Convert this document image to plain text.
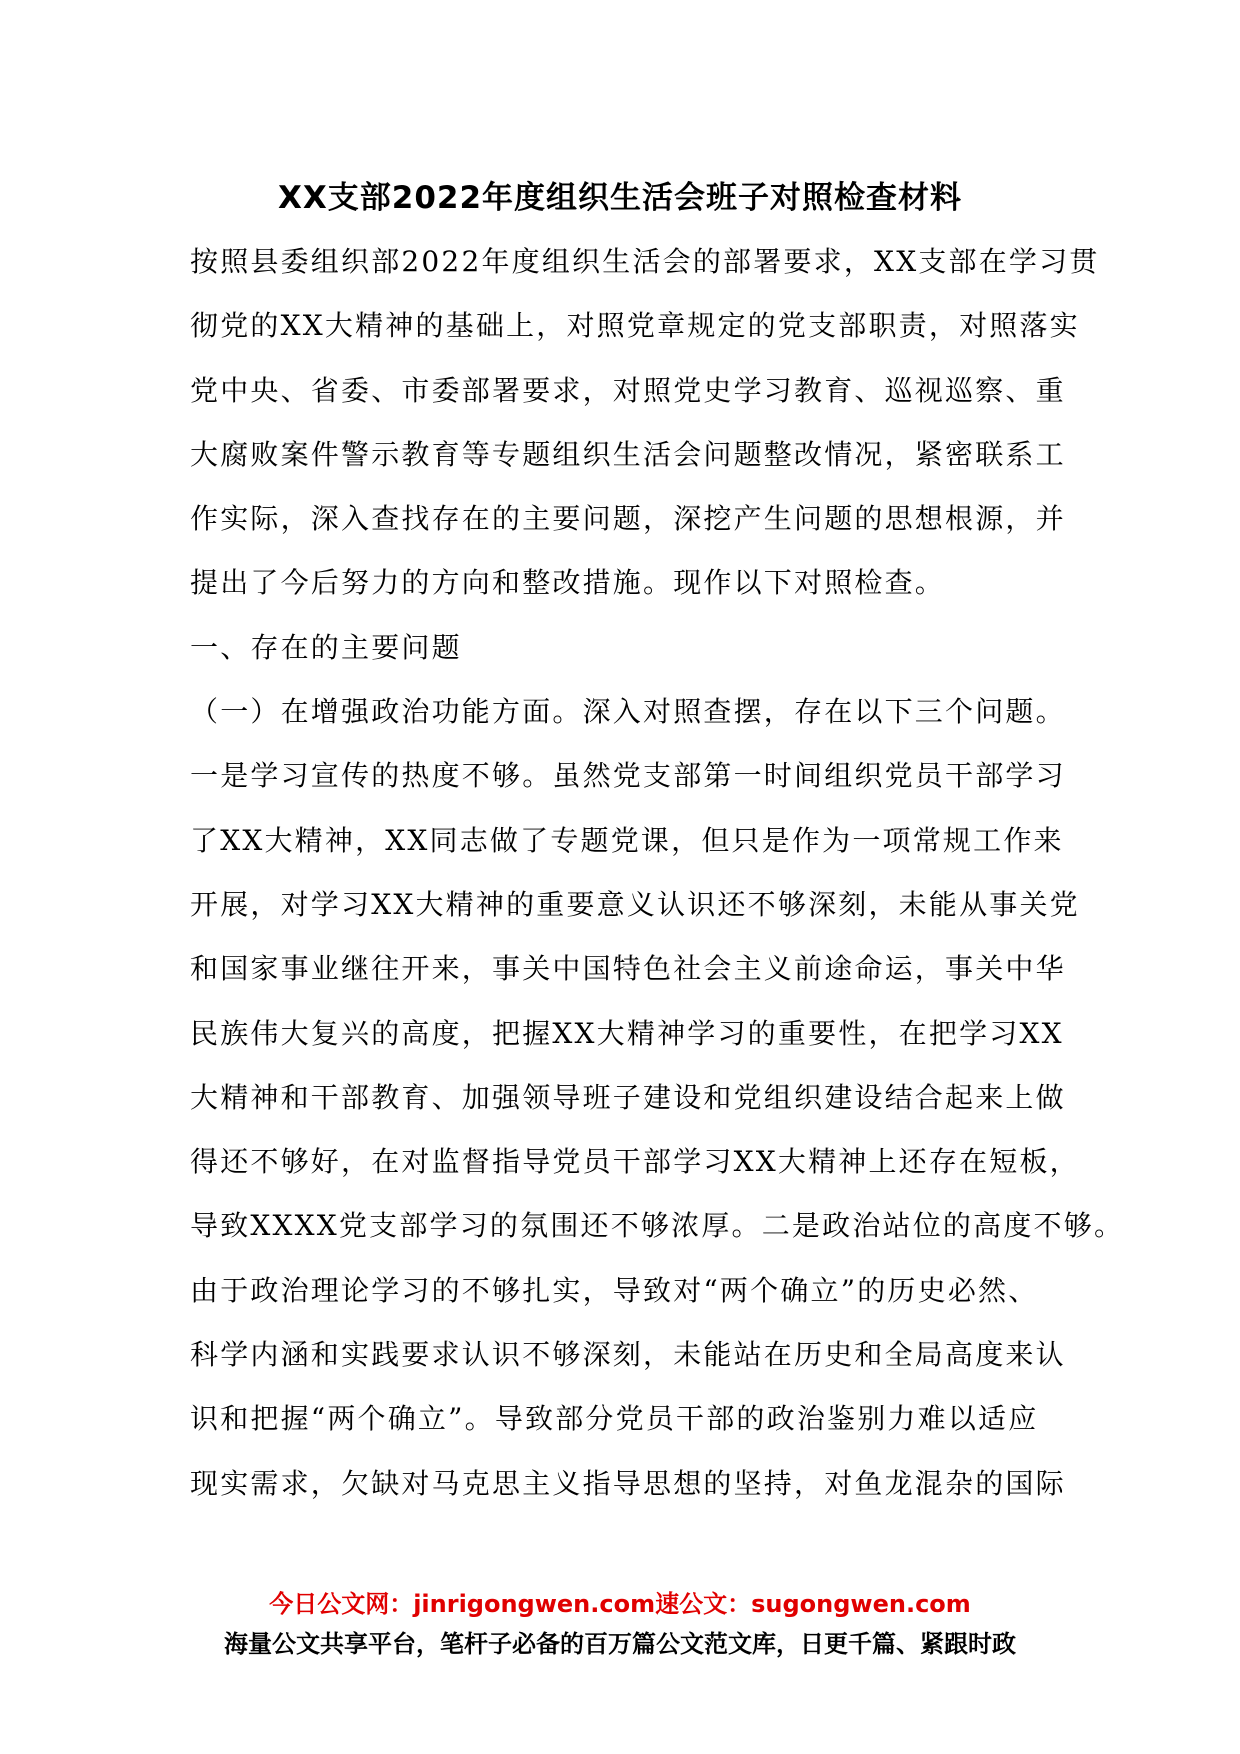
XX支部2022年度组织生活会班子对照检查材料
按照县委组织部2022年度组织生活会的部署要求，XX支部在学习贯
彻党的XX大精神的基础上，对照党章规定的党支部职责，对照落实
党中央、省委、市委部署要求，对照党史学习教育、巡视巡察、重
大腐败案件警示教育等专题组织生活会问题整改情况，紧密联系工
作实际，深入查找存在的主要问题，深挖产生问题的思想根源，并
提出了今后努力的方向和整改措施。现作以下对照检查。
一、存在的主要问题
（一）在增强政治功能方面。深入对照查摆，存在以下三个问题。
一是学习宣传的热度不够。虽然党支部第一时间组织党员干部学习
了XX大精神，XX同志做了专题党课，但只是作为一项常规工作来
开展，对学习XX大精神的重要意义认识还不够深刻，未能从事关党
和国家事业继往开来，事关中国特色社会主义前途命运，事关中华
民族伟大复兴的高度，把握XX大精神学习的重要性，在把学习XX
大精神和干部教育、加强领导班子建设和党组织建设结合起来上做
得还不够好，在对监督指导党员干部学习XX大精神上还存在短板，
导致XXXX党支部学习的氛围还不够浓厚。二是政治站位的高度不够。
由于政治理论学习的不够扎实，导致对“两个确立”的历史必然、
科学内涵和实践要求认识不够深刻，未能站在历史和全局高度来认
识和把握“两个确立”。导致部分党员干部的政治鉴别力难以适应
现实需求，欠缺对马克思主义指导思想的坚持，对鱼龙混杂的国际
今日公文网：jinrigongwen.com速公文：sugongwen.com
海量公文共享平台，笔杆子必备的百万篇公文范文库，日更千篇、紧跟时政
